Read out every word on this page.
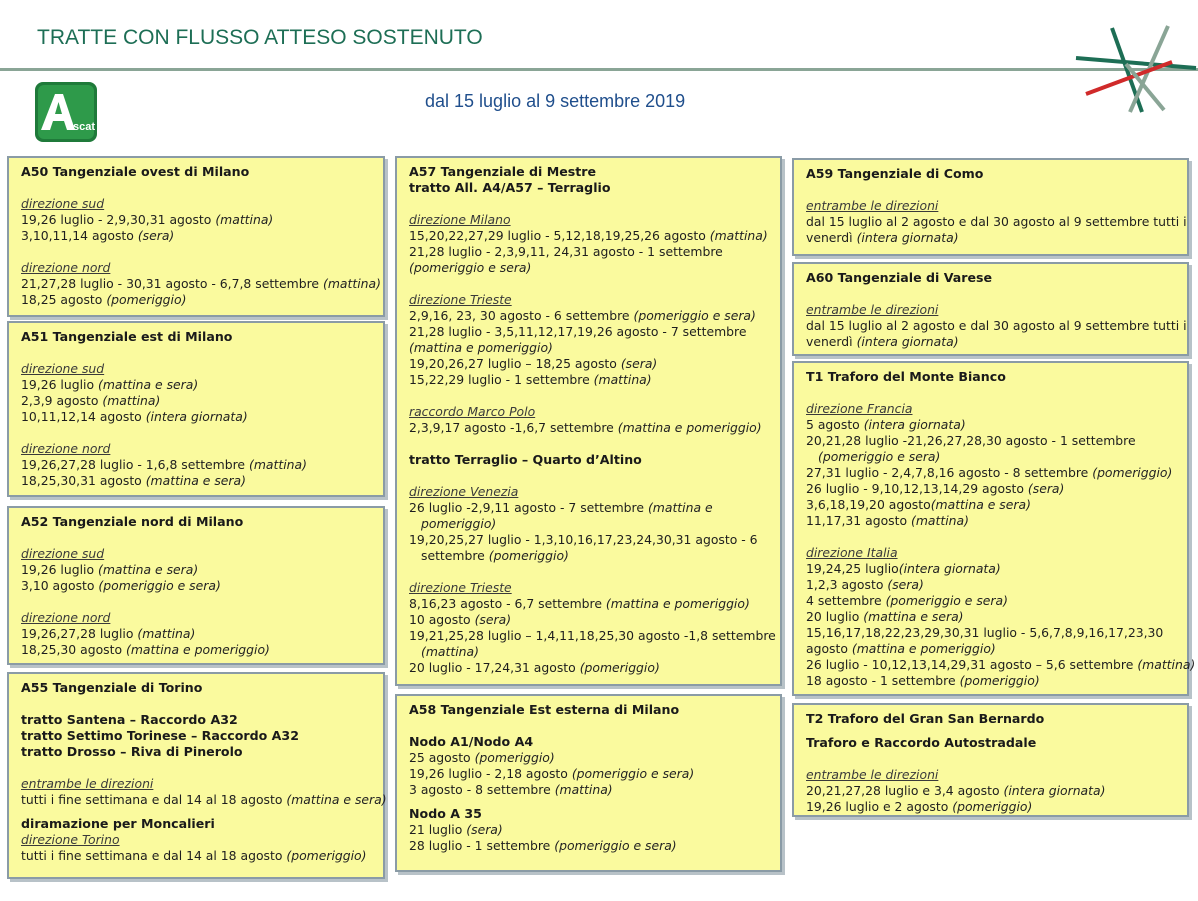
TRATTE CON FLUSSO ATTESO SOSTENUTO
dal 15 luglio al 9 settembre 2019
iscat
A50 Tangenziale ovest di Milano
direzione sud
19,26 luglio - 2,9,30,31 agosto (mattina)
3,10,11,14 agosto (sera)
direzione nord
21,27,28 luglio - 30,31 agosto - 6,7,8 settembre (mattina)
18,25 agosto (pomeriggio)
A51 Tangenziale est di Milano
direzione sud
19,26 luglio (mattina e sera)
2,3,9 agosto (mattina)
10,11,12,14 agosto (intera giornata)
direzione nord
19,26,27,28 luglio - 1,6,8 settembre (mattina)
18,25,30,31 agosto (mattina e sera)
A52 Tangenziale nord di Milano
direzione sud
19,26 luglio (mattina e sera)
3,10 agosto (pomeriggio e sera)
direzione nord
19,26,27,28 luglio (mattina)
18,25,30 agosto (mattina e pomeriggio)
A55 Tangenziale di Torino
tratto Santena – Raccordo A32
tratto Settimo Torinese – Raccordo A32
tratto Drosso – Riva di Pinerolo
entrambe le direzioni
tutti i fine settimana e dal 14 al 18 agosto (mattina e sera)
diramazione per Moncalieri
direzione Torino
tutti i fine settimana e dal 14 al 18 agosto (pomeriggio)
A57 Tangenziale di Mestre
tratto All. A4/A57 – Terraglio
direzione Milano
15,20,22,27,29 luglio - 5,12,18,19,25,26 agosto (mattina)
21,28 luglio - 2,3,9,11, 24,31 agosto - 1 settembre
(pomeriggio e sera)
direzione Trieste
2,9,16, 23, 30 agosto - 6 settembre (pomeriggio e sera)
21,28 luglio - 3,5,11,12,17,19,26 agosto - 7 settembre
(mattina e pomeriggio)
19,20,26,27 luglio – 18,25 agosto (sera)
15,22,29 luglio - 1 settembre (mattina)
raccordo Marco Polo
2,3,9,17 agosto -1,6,7 settembre (mattina e pomeriggio)
tratto Terraglio – Quarto d’Altino
direzione Venezia
26 luglio -2,9,11 agosto - 7 settembre (mattina e
pomeriggio)
19,20,25,27 luglio - 1,3,10,16,17,23,24,30,31 agosto - 6
settembre (pomeriggio)
direzione Trieste
8,16,23 agosto - 6,7 settembre (mattina e pomeriggio)
10 agosto (sera)
19,21,25,28 luglio – 1,4,11,18,25,30 agosto -1,8 settembre
(mattina)
20 luglio - 17,24,31 agosto (pomeriggio)
A58 Tangenziale Est esterna di Milano
Nodo A1/Nodo A4
25 agosto (pomeriggio)
19,26 luglio - 2,18 agosto (pomeriggio e sera)
3 agosto - 8 settembre (mattina)
Nodo A 35
21 luglio (sera)
28 luglio - 1 settembre (pomeriggio e sera)
A59 Tangenziale di Como
entrambe le direzioni
dal 15 luglio al 2 agosto e dal 30 agosto al 9 settembre tutti i
venerdì (intera giornata)
A60 Tangenziale di Varese
entrambe le direzioni
dal 15 luglio al 2 agosto e dal 30 agosto al 9 settembre tutti i
venerdì (intera giornata)
T1 Traforo del Monte Bianco
direzione Francia
5 agosto (intera giornata)
20,21,28 luglio -21,26,27,28,30 agosto - 1 settembre
(pomeriggio e sera)
27,31 luglio - 2,4,7,8,16 agosto - 8 settembre (pomeriggio)
26 luglio - 9,10,12,13,14,29 agosto (sera)
3,6,18,19,20 agosto(mattina e sera)
11,17,31 agosto (mattina)
direzione Italia
19,24,25 luglio(intera giornata)
1,2,3 agosto (sera)
4 settembre (pomeriggio e sera)
20 luglio (mattina e sera)
15,16,17,18,22,23,29,30,31 luglio - 5,6,7,8,9,16,17,23,30
agosto (mattina e pomeriggio)
26 luglio - 10,12,13,14,29,31 agosto – 5,6 settembre (mattina)
18 agosto - 1 settembre (pomeriggio)
T2 Traforo del Gran San Bernardo
Traforo e Raccordo Autostradale
entrambe le direzioni
20,21,27,28 luglio e 3,4 agosto (intera giornata)
19,26 luglio e 2 agosto (pomeriggio)
